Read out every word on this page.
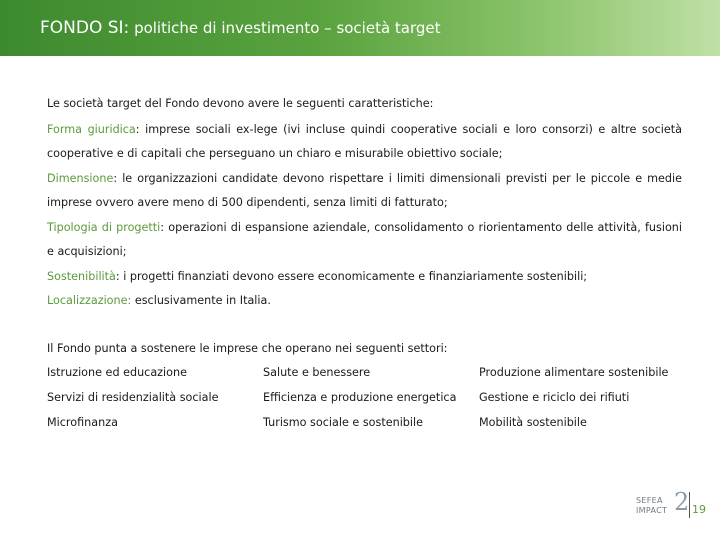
FONDO SI: politiche di investimento – società target

Le società target del Fondo devono avere le seguenti caratteristiche:

Forma giuridica: imprese sociali ex-lege (ivi incluse quindi cooperative sociali e loro consorzi) e altre società cooperative e di capitali che perseguano un chiaro e misurabile obiettivo sociale;

Dimensione: le organizzazioni candidate devono rispettare i limiti dimensionali previsti per le piccole e medie imprese ovvero avere meno di 500 dipendenti, senza limiti di fatturato;

Tipologia di progetti: operazioni di espansione aziendale, consolidamento o riorientamento delle attività, fusioni e acquisizioni;

Sostenibilità: i progetti finanziati devono essere economicamente e finanziariamente sostenibili;

Localizzazione: esclusivamente in Italia.

Il Fondo punta a sostenere le imprese che operano nei seguenti settori:
Istruzione ed educazione	Salute e benessere	Produzione alimentare sostenibile
Servizi di residenzialità sociale	Efficienza e produzione energetica	Gestione e riciclo dei rifiuti
Microfinanza	Turismo sociale e sostenibile	Mobilità sostenibile
SEFEA
IMPACT 2 19
